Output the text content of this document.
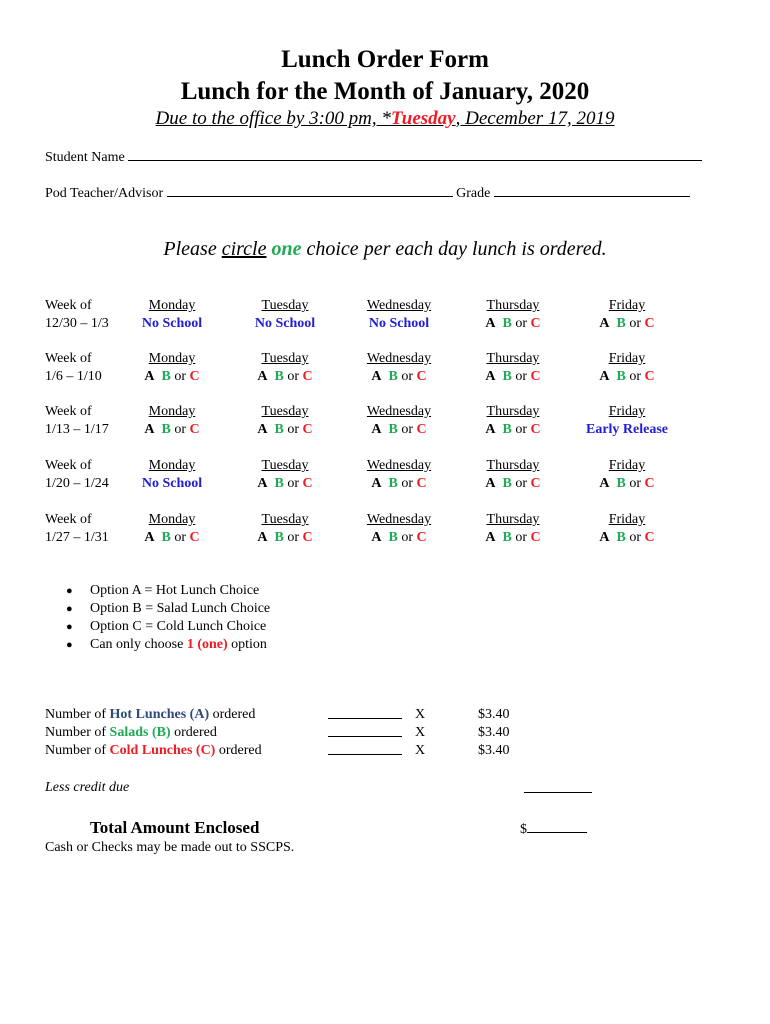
Lunch Order Form
Lunch for the Month of January, 2020
Due to the office by 3:00 pm, *Tuesday, December 17, 2019
Student Name
Pod Teacher/Advisor	Grade
Please circle one choice per each day lunch is ordered.
Week of
12/30 – 1/3
Monday
No School
Tuesday
No School
Wednesday
No School
Thursday
A B or C
Friday
A B or C
Week of
1/6 – 1/10
Monday
A B or C
Tuesday
A B or C
Wednesday
A B or C
Thursday
A B or C
Friday
A B or C
Week of
1/13 – 1/17
Monday
A B or C
Tuesday
A B or C
Wednesday
A B or C
Thursday
A B or C
Friday
Early Release
Week of
1/20 – 1/24
Monday
No School
Tuesday
A B or C
Wednesday
A B or C
Thursday
A B or C
Friday
A B or C
Week of
1/27 – 1/31
Monday
A B or C
Tuesday
A B or C
Wednesday
A B or C
Thursday
A B or C
Friday
A B or C
● Option A = Hot Lunch Choice
● Option B = Salad Lunch Choice
● Option C = Cold Lunch Choice
● Can only choose 1 (one) option
Number of Hot Lunches (A) ordered
Number of Salads (B) ordered
Number of Cold Lunches (C) ordered
X
X
X
$3.40
$3.40
$3.40
Less credit due
Total Amount Enclosed	$
Cash or Checks may be made out to SSCPS.
